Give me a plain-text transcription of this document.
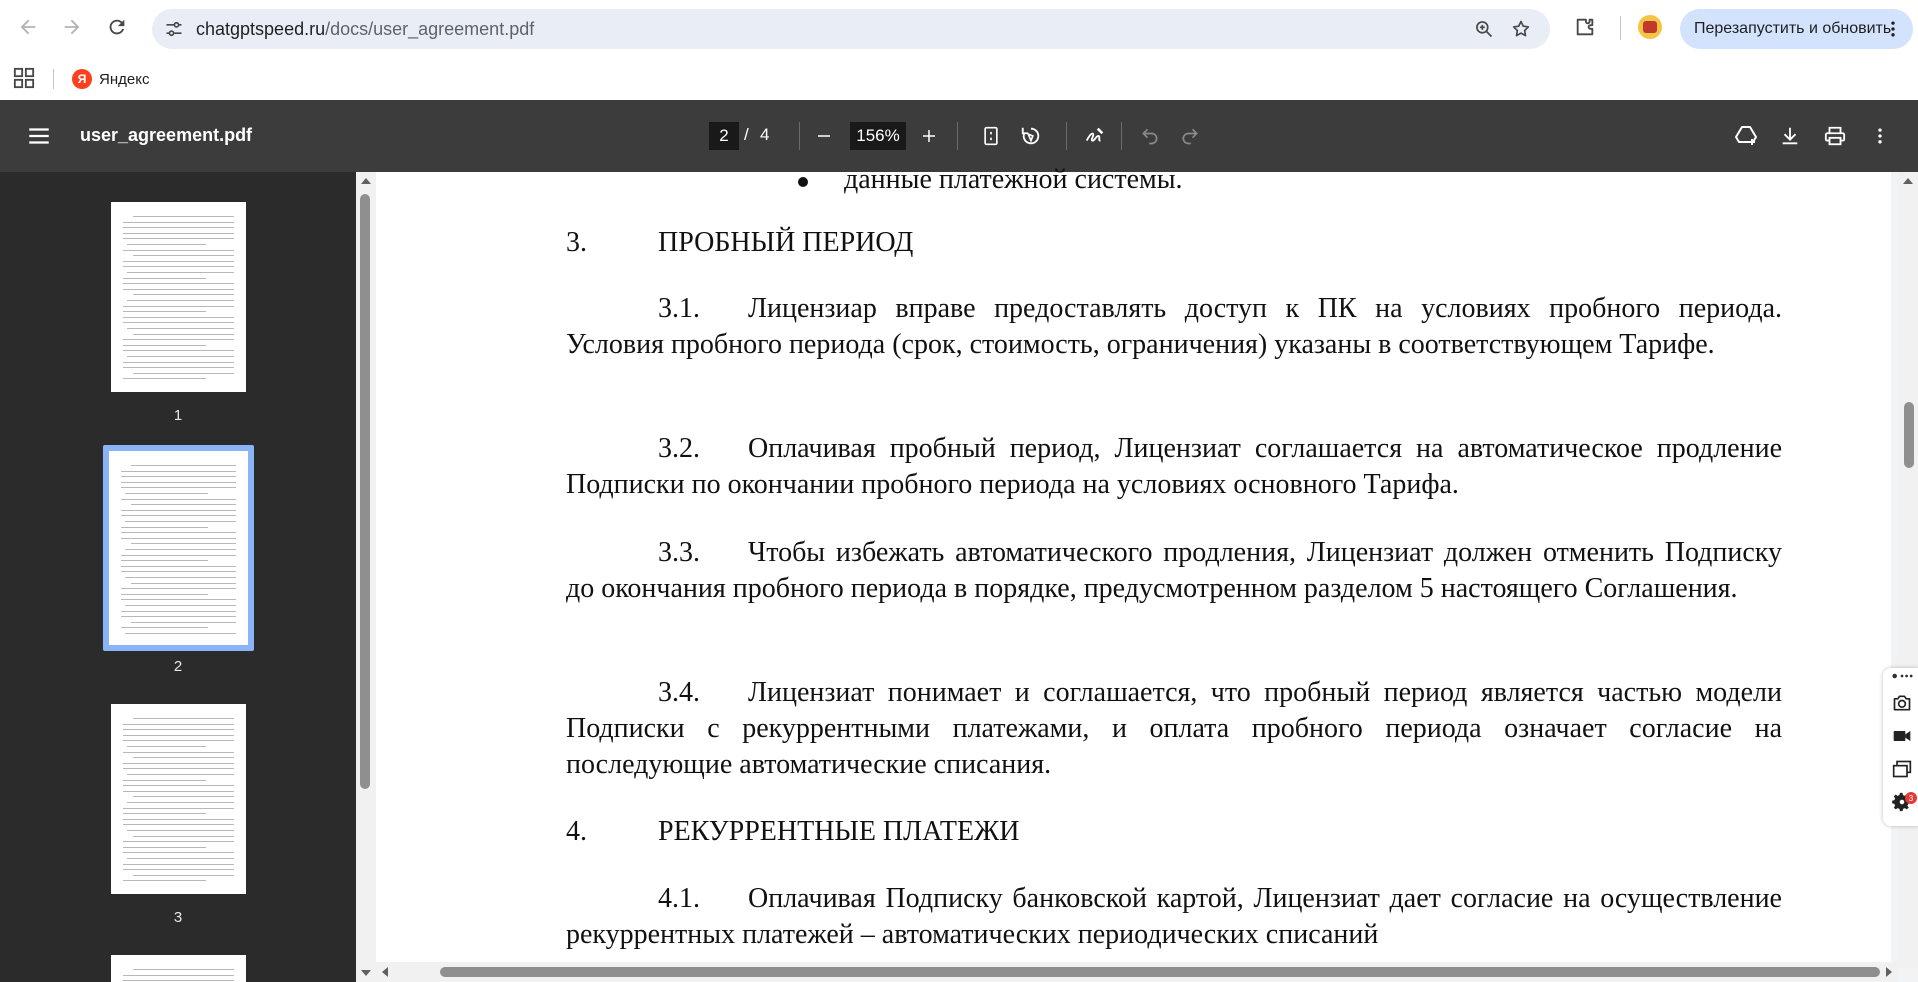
chatgptspeed.ru/docs/user_agreement.pdf	Перезапустить и обновить
Я Яндекс
user_agreement.pdf	2 / 4	156%
1
2
3
данные платежной системы.
3.	ПРОБНЫЙ ПЕРИОД
3.1. Лицензиар вправе предоставлять доступ к ПК на условиях пробного периода. Условия пробного периода (срок, стоимость, ограничения) указаны в соответствующем Тарифе.
3.2. Оплачивая пробный период, Лицензиат соглашается на автоматическое продление Подписки по окончании пробного периода на условиях основного Тарифа.
3.3. Чтобы избежать автоматического продления, Лицензиат должен отменить Подписку до окончания пробного периода в порядке, предусмотренном разделом 5 настоящего Соглашения.
3.4. Лицензиат понимает и соглашается, что пробный период является частью модели Подписки с рекуррентными платежами, и оплата пробного периода означает согласие на последующие автоматические списания.
4.	РЕКУРРЕНТНЫЕ ПЛАТЕЖИ
4.1. Оплачивая Подписку банковской картой, Лицензиат дает согласие на осуществление рекуррентных платежей – автоматических периодических списаний
3
